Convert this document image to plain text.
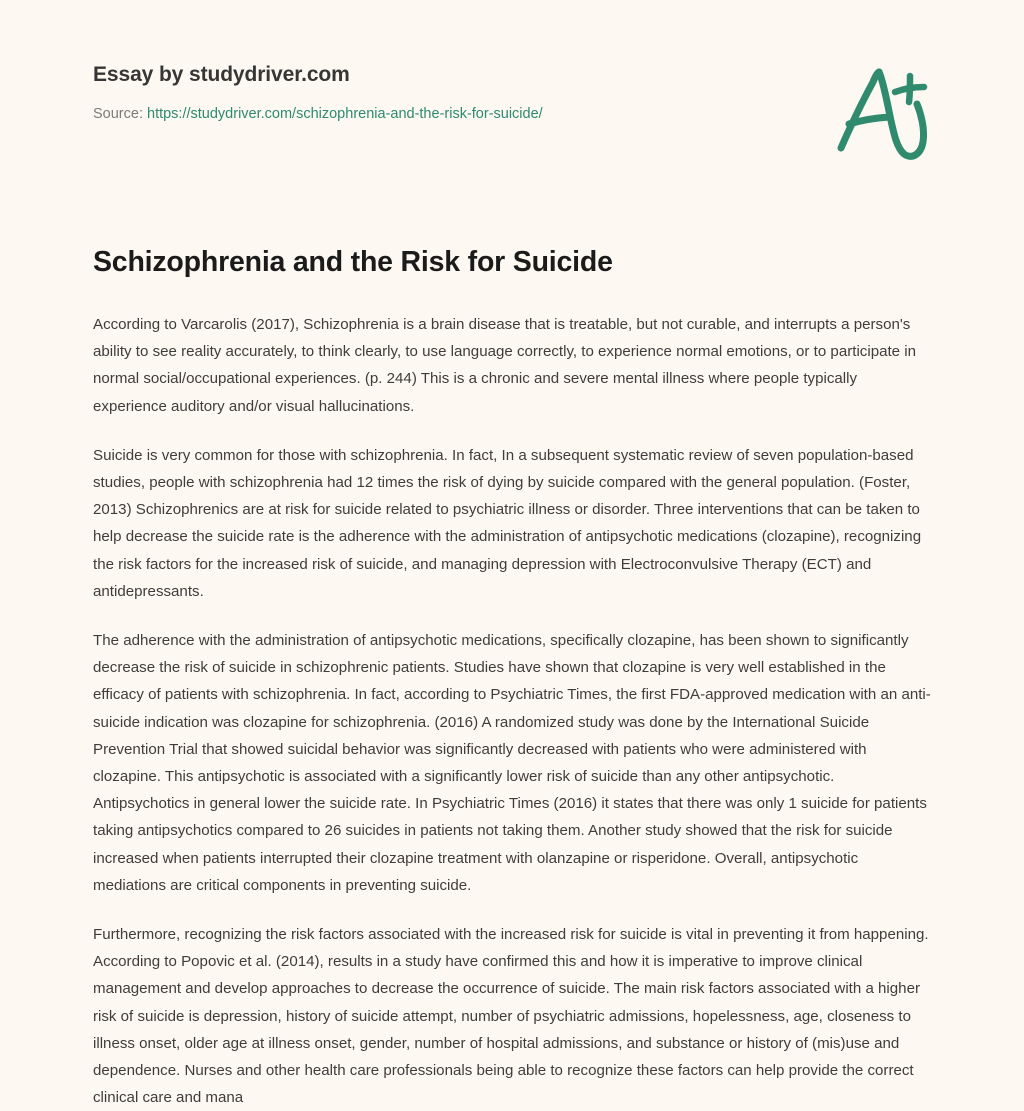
Essay by studydriver.com

Source: https://studydriver.com/schizophrenia-and-the-risk-for-suicide/
Schizophrenia and the Risk for Suicide

According to Varcarolis (2017), Schizophrenia is a brain disease that is treatable, but not curable, and interrupts a person's ability to see reality accurately, to think clearly, to use language correctly, to experience normal emotions, or to participate in normal social/occupational experiences. (p. 244) This is a chronic and severe mental illness where people typically experience auditory and/or visual hallucinations.

Suicide is very common for those with schizophrenia. In fact, In a subsequent systematic review of seven population-based studies, people with schizophrenia had 12 times the risk of dying by suicide compared with the general population. (Foster, 2013) Schizophrenics are at risk for suicide related to psychiatric illness or disorder. Three interventions that can be taken to help decrease the suicide rate is the adherence with the administration of antipsychotic medications (clozapine), recognizing the risk factors for the increased risk of suicide, and managing depression with Electroconvulsive Therapy (ECT) and antidepressants.

The adherence with the administration of antipsychotic medications, specifically clozapine, has been shown to significantly decrease the risk of suicide in schizophrenic patients. Studies have shown that clozapine is very well established in the efficacy of patients with schizophrenia. In fact, according to Psychiatric Times, the first FDA-approved medication with an anti-suicide indication was clozapine for schizophrenia. (2016) A randomized study was done by the International Suicide Prevention Trial that showed suicidal behavior was significantly decreased with patients who were administered with clozapine. This antipsychotic is associated with a significantly lower risk of suicide than any other antipsychotic. Antipsychotics in general lower the suicide rate. In Psychiatric Times (2016) it states that there was only 1 suicide for patients taking antipsychotics compared to 26 suicides in patients not taking them. Another study showed that the risk for suicide increased when patients interrupted their clozapine treatment with olanzapine or risperidone. Overall, antipsychotic mediations are critical components in preventing suicide.

Furthermore, recognizing the risk factors associated with the increased risk for suicide is vital in preventing it from happening. According to Popovic et al. (2014), results in a study have confirmed this and how it is imperative to improve clinical management and develop approaches to decrease the occurrence of suicide. The main risk factors associated with a higher risk of suicide is depression, history of suicide attempt, number of psychiatric admissions, hopelessness, age, closeness to illness onset, older age at illness onset, gender, number of hospital admissions, and substance or history of (mis)use and dependence. Nurses and other health care professionals being able to recognize these factors can help provide the correct clinical care and mana
